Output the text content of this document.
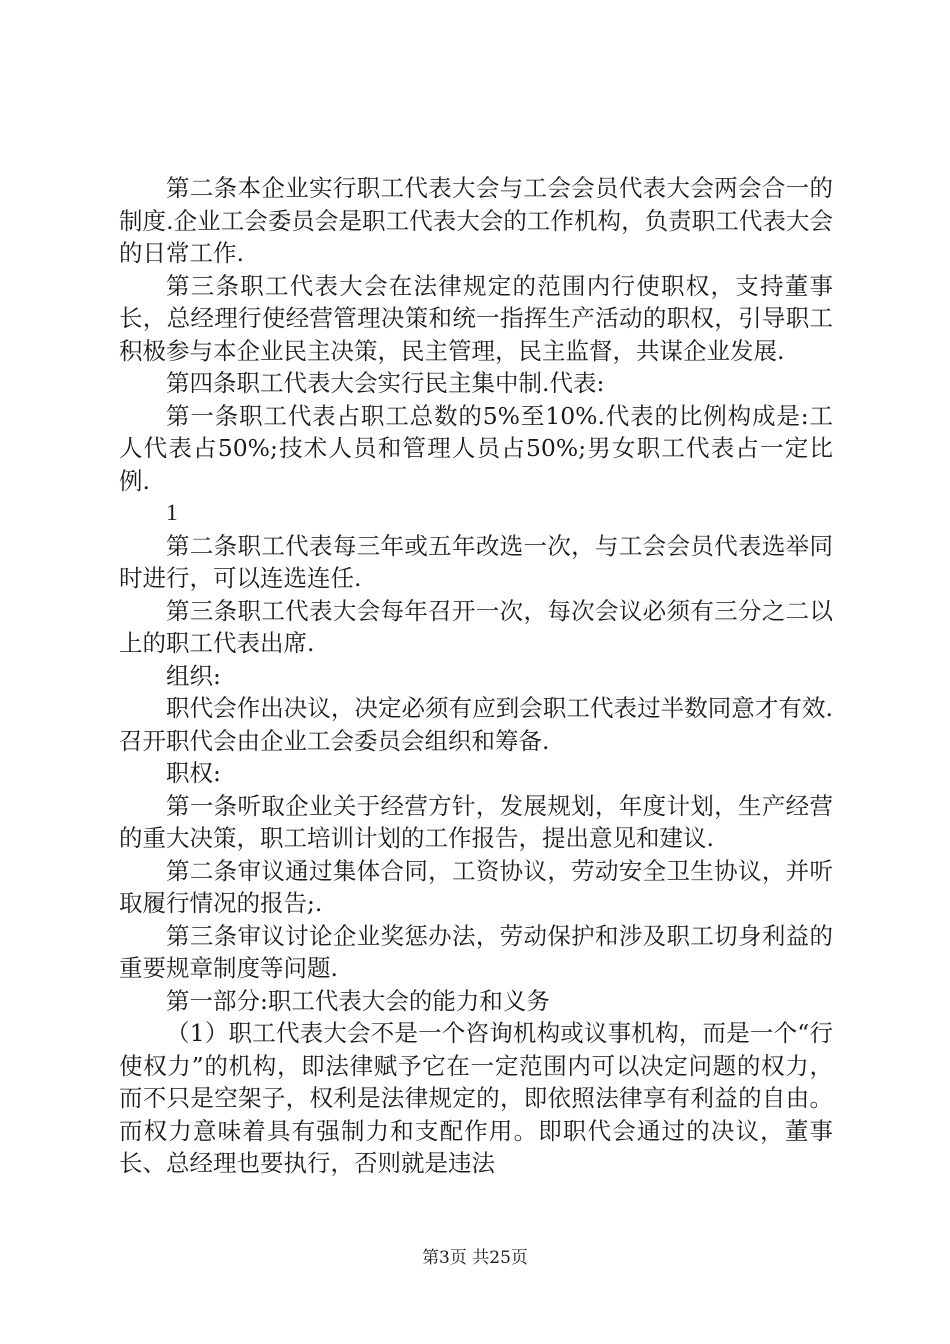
第二条本企业实行职工代表大会与工会会员代表大会两会合一的制度.企业工会委员会是职工代表大会的工作机构，负责职工代表大会的日常工作.

第三条职工代表大会在法律规定的范围内行使职权，支持董事长，总经理行使经营管理决策和统一指挥生产活动的职权，引导职工积极参与本企业民主决策，民主管理，民主监督，共谋企业发展.

第四条职工代表大会实行民主集中制.代表:

第一条职工代表占职工总数的5%至10%.代表的比例构成是:工人代表占50%;技术人员和管理人员占50%;男女职工代表占一定比例.

1

第二条职工代表每三年或五年改选一次，与工会会员代表选举同时进行，可以连选连任.

第三条职工代表大会每年召开一次，每次会议必须有三分之二以上的职工代表出席.

组织:

职代会作出决议，决定必须有应到会职工代表过半数同意才有效.召开职代会由企业工会委员会组织和筹备.

职权:

第一条听取企业关于经营方针，发展规划，年度计划，生产经营的重大决策，职工培训计划的工作报告，提出意见和建议.

第二条审议通过集体合同，工资协议，劳动安全卫生协议，并听取履行情况的报告;.

第三条审议讨论企业奖惩办法，劳动保护和涉及职工切身利益的重要规章制度等问题.

第一部分:职工代表大会的能力和义务

（1）职工代表大会不是一个咨询机构或议事机构，而是一个“行使权力”的机构，即法律赋予它在一定范围内可以决定问题的权力，而不只是空架子，权利是法律规定的，即依照法律享有利益的自由。而权力意味着具有强制力和支配作用。即职代会通过的决议，董事长、总经理也要执行，否则就是违法

第3页 共25页
